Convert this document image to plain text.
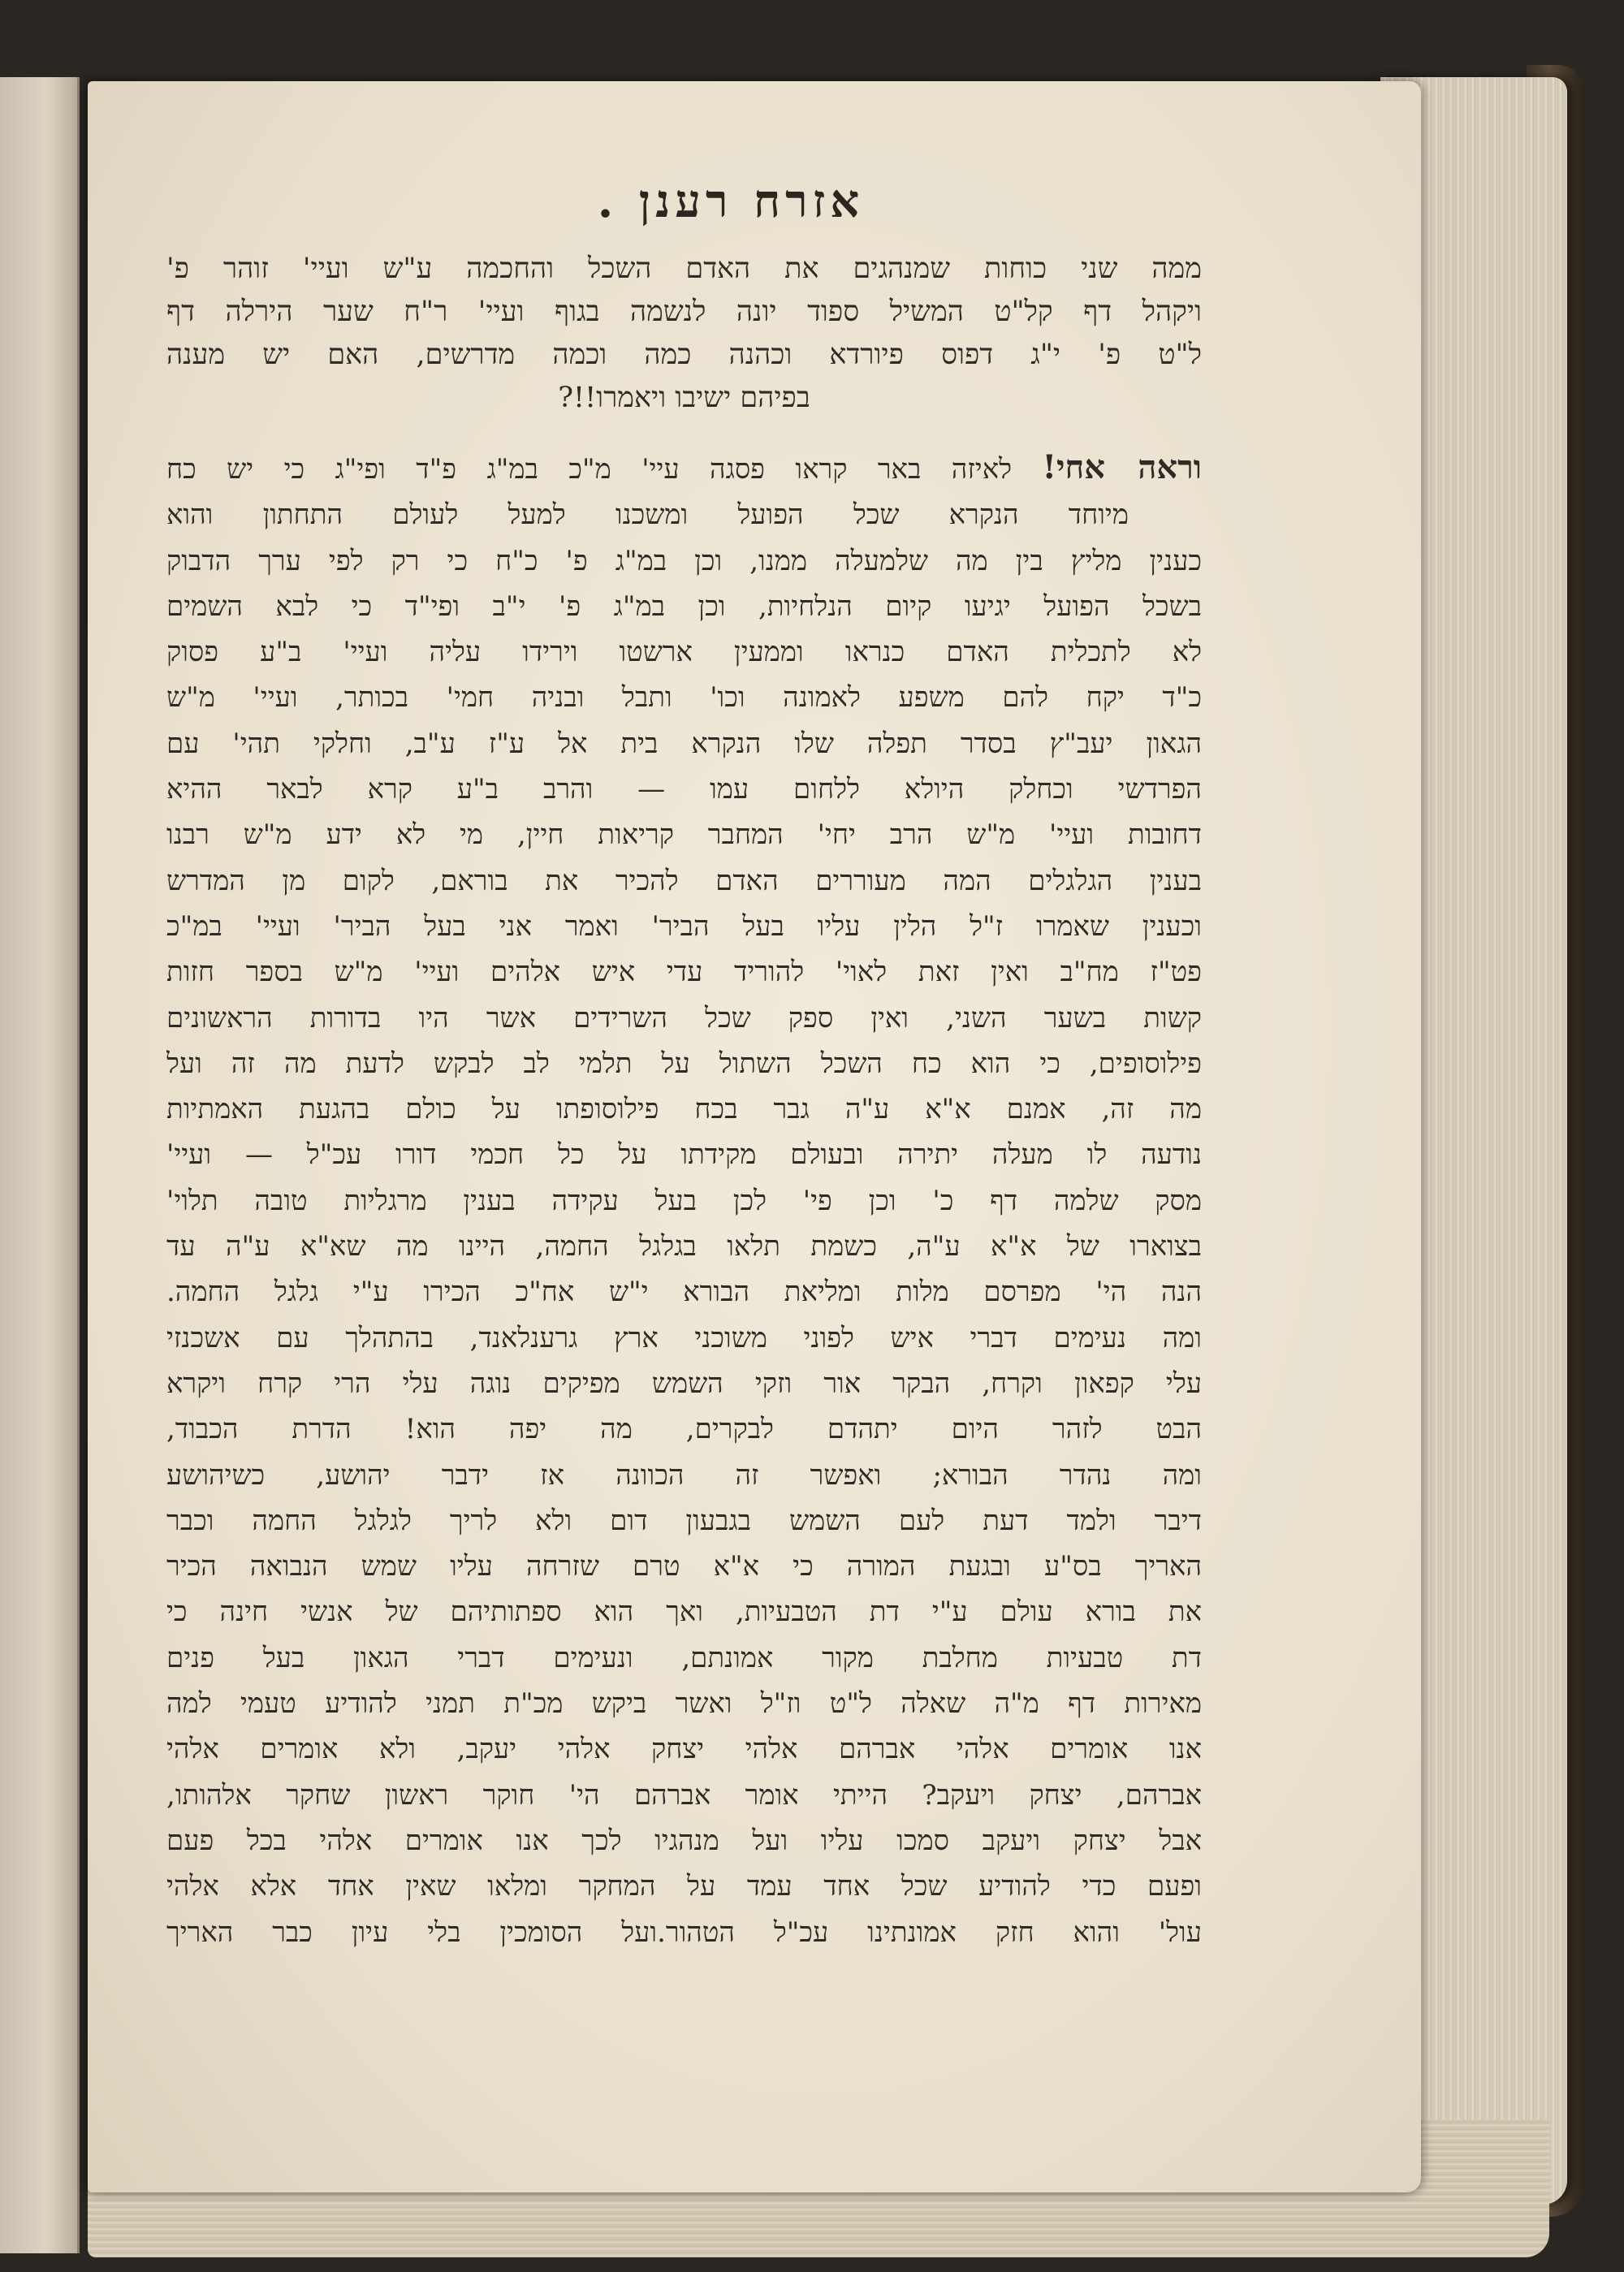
אזרח רענן .
ממה שני כוחות שמנהגים את האדם השכל והחכמה ע"ש ועיי' זוהר פ'
ויקהל דף קל"ט המשיל ספוד יונה לנשמה בגוף ועיי' ר"ח שער הירלה דף
ל"ט פ' י"ג דפוס פיורדא וכהנה כמה וכמה מדרשים, האם יש מענה
בפיהם ישיבו ויאמרו!!?
וראה אחי! לאיזה באר קראו פסגה עיי' מ"כ במ"ג פ"ד ופי"ג כי יש כח
מיוחד הנקרא שכל הפועל ומשכנו למעל לעולם התחתון והוא
כענין מליץ בין מה שלמעלה ממנו, וכן במ"ג פ' כ"ח כי רק לפי ערך הדבוק
בשכל הפועל יגיעו קיום הנלחיות, וכן במ"ג פ' י"ב ופי"ד כי לבא השמים
לא לתכלית האדם כנראו וממעין ארשטו וירידו עליה ועיי' ב"ע פסוק
כ"ד יקח להם משפע לאמונה וכו' ותבל ובניה חמי' בכותר, ועיי' מ"ש
הגאון יעב"ץ בסדר תפלה שלו הנקרא בית אל ע"ז ע"ב, וחלקי תהי' עם
הפרדשי וכחלק היולא ללחום עמו — והרב ב"ע קרא לבאר ההיא
דחובות ועיי' מ"ש הרב יחי' המחבר קריאות חיין, מי לא ידע מ"ש רבנו
בענין הגלגלים המה מעוררים האדם להכיר את בוראם, לקום מן המדרש
וכענין שאמרו ז"ל הלין עליו בעל הביר' ואמר אני בעל הביר' ועיי' במ"כ
פט"ז מח"ב ואין זאת לאוי' להוריד עדי איש אלהים ועיי' מ"ש בספר חזות
קשות בשער השני, ואין ספק שכל השרידים אשר היו בדורות הראשונים
פילוסופים, כי הוא כח השכל השתול על תלמי לב לבקש לדעת מה זה ועל
מה זה, אמנם א"א ע"ה גבר בכח פילוסופתו על כולם בהגעת האמתיות
נודעה לו מעלה יתירה ובעולם מקידתו על כל חכמי דורו עכ"ל — ועיי'
מסק שלמה דף כ' וכן פי' לכן בעל עקידה בענין מרגליות טובה תלוי'
בצוארו של א"א ע"ה, כשמת תלאו בגלגל החמה, היינו מה שא"א ע"ה עד
הנה הי' מפרסם מלות ומליאת הבורא י"ש אח"כ הכירו ע"י גלגל החמה.
ומה נעימים דברי איש לפוני משוכני ארץ גרענלאנד, בהתהלך עם אשכנזי
עלי קפאון וקרח, הבקר אור וזקי השמש מפיקים נוגה עלי הרי קרח ויקרא
הבט לזהר היום יתהדם לבקרים, מה יפה הוא! הדרת הכבוד,
ומה נהדר הבורא; ואפשר זה הכוונה אז ידבר יהושע, כשיהושע
דיבר ולמד דעת לעם השמש בגבעון דום ולא לריך לגלגל החמה וכבר
האריך בס"ע ובגעת המורה כי א"א טרם שזרחה עליו שמש הנבואה הכיר
את בורא עולם ע"י דת הטבעיות, ואך הוא ספתותיהם של אנשי חינה כי
דת טבעיות מחלבת מקור אמונתם, ונעימים דברי הגאון בעל פנים
מאירות דף מ"ה שאלה ל"ט וז"ל ואשר ביקש מכ"ת תמני להודיע טעמי למה
אנו אומרים אלהי אברהם אלהי יצחק אלהי יעקב, ולא אומרים אלהי
אברהם, יצחק ויעקב? הייתי אומר אברהם הי' חוקר ראשון שחקר אלהותו,
אבל יצחק ויעקב סמכו עליו ועל מנהגיו לכך אנו אומרים אלהי בכל פעם
ופעם כדי להודיע שכל אחד עמד על המחקר ומלאו שאין אחד אלא אלהי
עול' והוא חזק אמונתינו עכ"ל הטהור.ועל הסומכין בלי עיון כבר האריך
